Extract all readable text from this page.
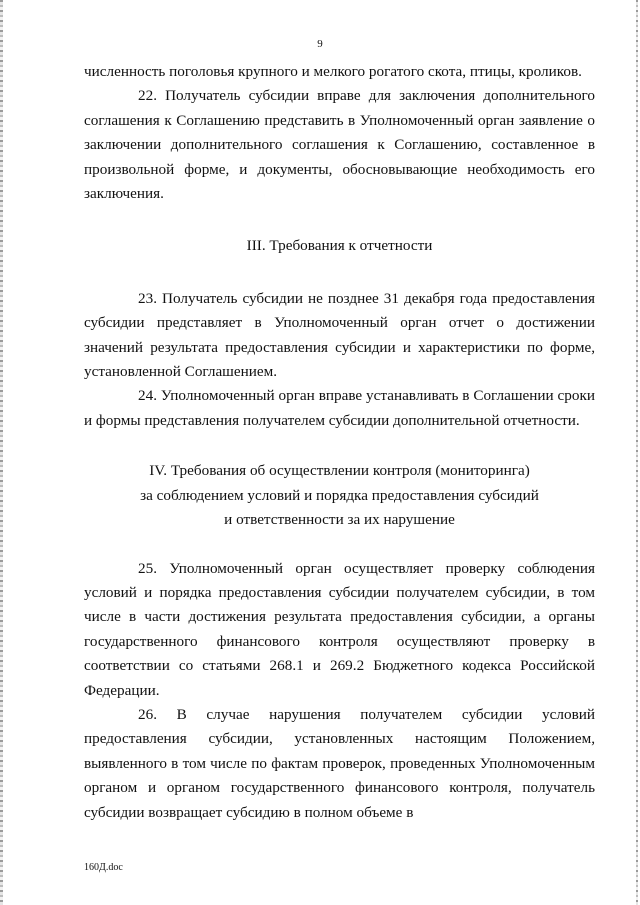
9

численность поголовья крупного и мелкого рогатого скота, птицы, кроликов.

22. Получатель субсидии вправе для заключения дополнительного соглашения к Соглашению представить в Уполномоченный орган заявление о заключении дополнительного соглашения к Соглашению, составленное в произвольной форме, и документы, обосновывающие необходимость его заключения.

III. Требования к отчетности

23. Получатель субсидии не позднее 31 декабря года предоставления субсидии представляет в Уполномоченный орган отчет о достижении значений результата предоставления субсидии и характеристики по форме, установленной Соглашением.

24. Уполномоченный орган вправе устанавливать в Соглашении сроки и формы представления получателем субсидии дополнительной отчетности.

IV. Требования об осуществлении контроля (мониторинга)
за соблюдением условий и порядка предоставления субсидий
и ответственности за их нарушение

25. Уполномоченный орган осуществляет проверку соблюдения условий и порядка предоставления субсидии получателем субсидии, в том числе в части достижения результата предоставления субсидии, а органы государственного финансового контроля осуществляют проверку в соответствии со статьями 268.1 и 269.2 Бюджетного кодекса Российской Федерации.

26. В случае нарушения получателем субсидии условий предоставления субсидии, установленных настоящим Положением, выявленного в том числе по фактам проверок, проведенных Уполномоченным органом и органом государственного финансового контроля, получатель субсидии возвращает субсидию в полном объеме в

160Д.doc
